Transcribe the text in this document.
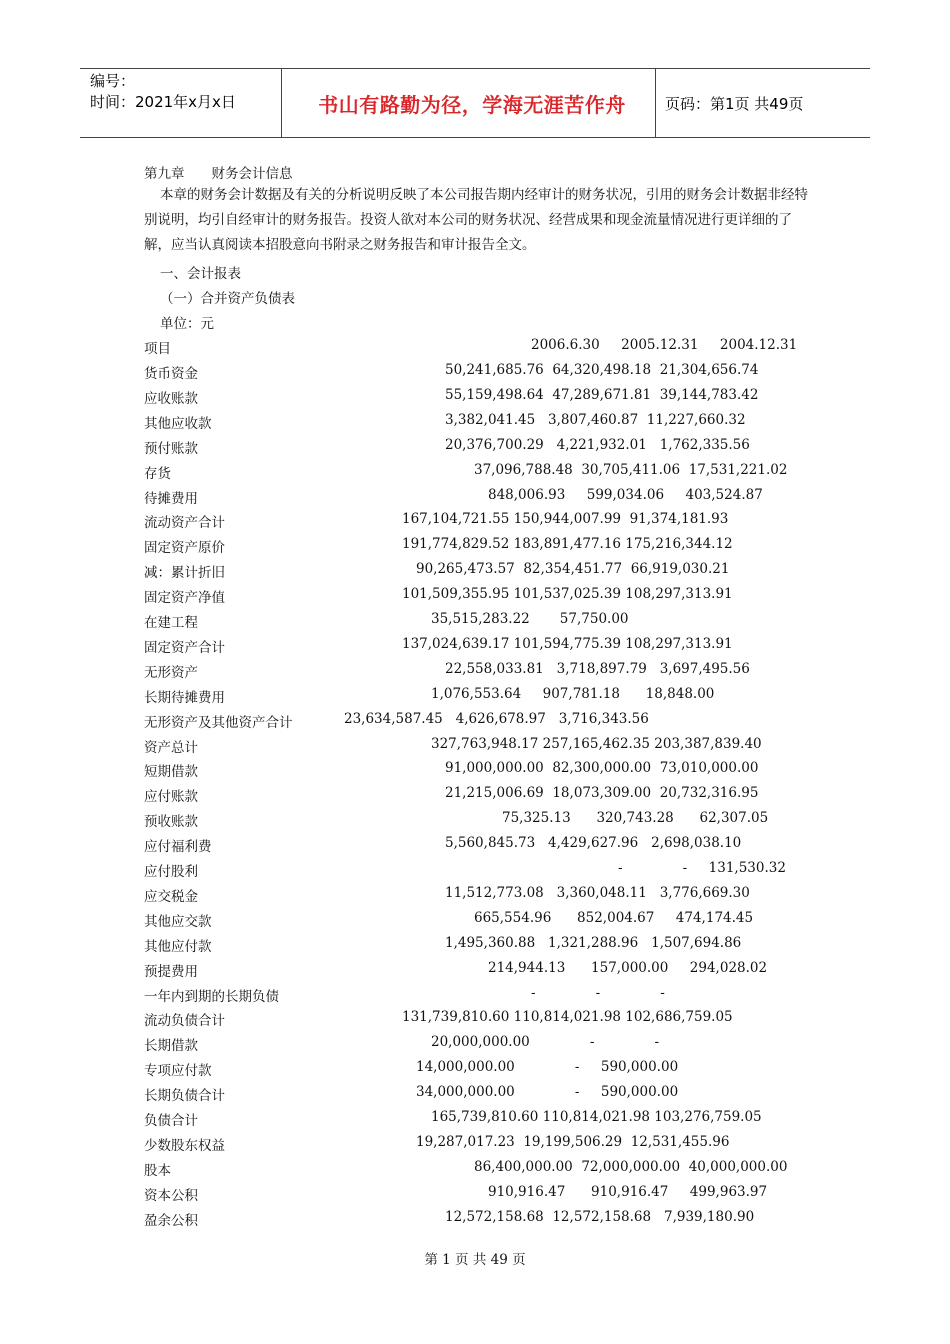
编号：
时间：2021年x月x日	书山有路勤为径，学海无涯苦作舟	页码：第1页 共49页
第九章　　财务会计信息
本章的财务会计数据及有关的分析说明反映了本公司报告期内经审计的财务状况，引用的财务会计数据非经特别说明，均引自经审计的财务报告。投资人欲对本公司的财务状况、经营成果和现金流量情况进行更详细的了解，应当认真阅读本招股意向书附录之财务报告和审计报告全文。
一、会计报表
（一）合并资产负债表
单位：元
项目	2006.6.30     2005.12.31     2004.12.31
货币资金	50,241,685.76  64,320,498.18  21,304,656.74
应收账款	55,159,498.64  47,289,671.81  39,144,783.42
其他应收款	3,382,041.45   3,807,460.87  11,227,660.32
预付账款	20,376,700.29   4,221,932.01   1,762,335.56
存货	37,096,788.48  30,705,411.06  17,531,221.02
待摊费用	848,006.93     599,034.06     403,524.87
流动资产合计	167,104,721.55 150,944,007.99  91,374,181.93
固定资产原价	191,774,829.52 183,891,477.16 175,216,344.12
减：累计折旧	90,265,473.57  82,354,451.77  66,919,030.21
固定资产净值	101,509,355.95 101,537,025.39 108,297,313.91
在建工程	35,515,283.22       57,750.00
固定资产合计	137,024,639.17 101,594,775.39 108,297,313.91
无形资产	22,558,033.81   3,718,897.79   3,697,495.56
长期待摊费用	1,076,553.64     907,781.18      18,848.00
无形资产及其他资产合计	23,634,587.45   4,626,678.97   3,716,343.56
资产总计	327,763,948.17 257,165,462.35 203,387,839.40
短期借款	91,000,000.00  82,300,000.00  73,010,000.00
应付账款	21,215,006.69  18,073,309.00  20,732,316.95
预收账款	75,325.13      320,743.28      62,307.05
应付福利费	5,560,845.73   4,429,627.96   2,698,038.10
应付股利	-              -     131,530.32
应交税金	11,512,773.08   3,360,048.11   3,776,669.30
其他应交款	665,554.96      852,004.67     474,174.45
其他应付款	1,495,360.88   1,321,288.96   1,507,694.86
预提费用	214,944.13      157,000.00     294,028.02
一年内到期的长期负债	-              -              -
流动负债合计	131,739,810.60 110,814,021.98 102,686,759.05
长期借款	20,000,000.00              -              -
专项应付款	14,000,000.00              -     590,000.00
长期负债合计	34,000,000.00              -     590,000.00
负债合计	165,739,810.60 110,814,021.98 103,276,759.05
少数股东权益	19,287,017.23  19,199,506.29  12,531,455.96
股本	86,400,000.00  72,000,000.00  40,000,000.00
资本公积	910,916.47      910,916.47     499,963.97
盈余公积	12,572,158.68  12,572,158.68   7,939,180.90
第 1 页 共 49 页
